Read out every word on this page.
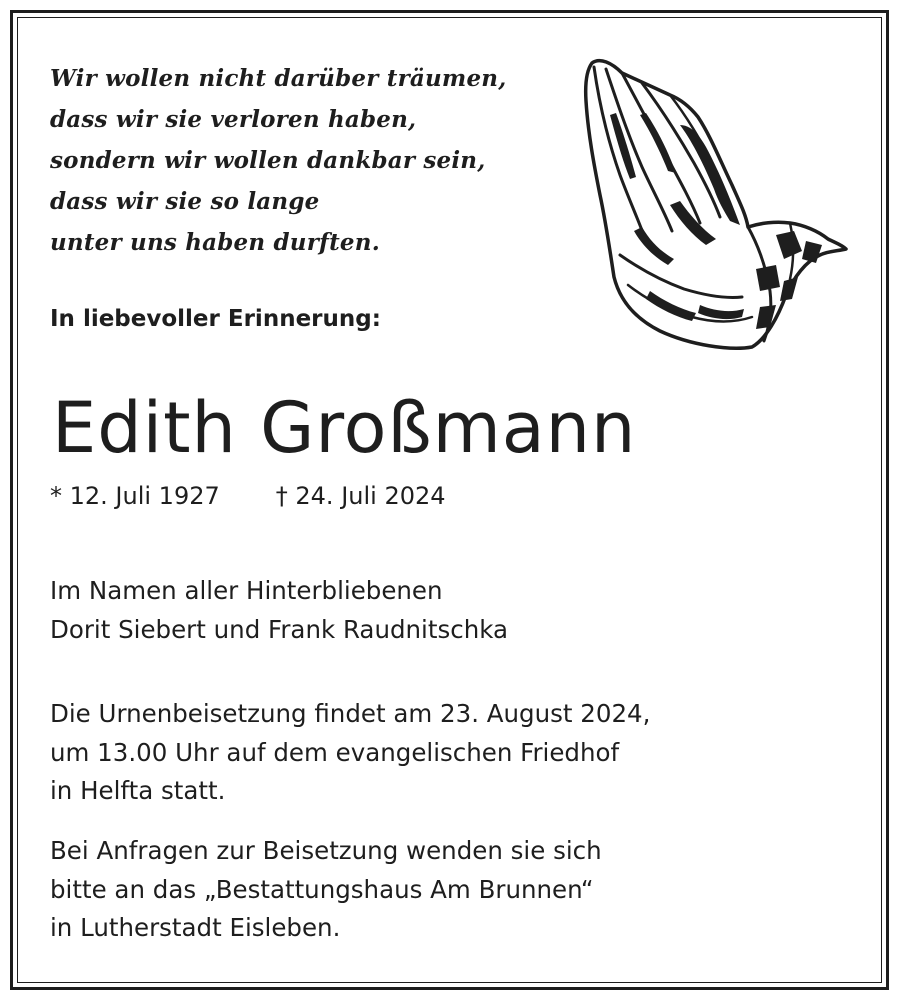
Wir wollen nicht darüber träumen,
dass wir sie verloren haben,
sondern wir wollen dankbar sein,
dass wir sie so lange
unter uns haben durften.
In liebevoller Erinnerung:
Edith Großmann
* 12. Juli 1927 † 24. Juli 2024
Im Namen aller Hinterbliebenen
Dorit Siebert und Frank Raudnitschka
Die Urnenbeisetzung findet am 23. August 2024,
um 13.00 Uhr auf dem evangelischen Friedhof
in Helfta statt.
Bei Anfragen zur Beisetzung wenden sie sich
bitte an das „Bestattungshaus Am Brunnen“
in Lutherstadt Eisleben.
